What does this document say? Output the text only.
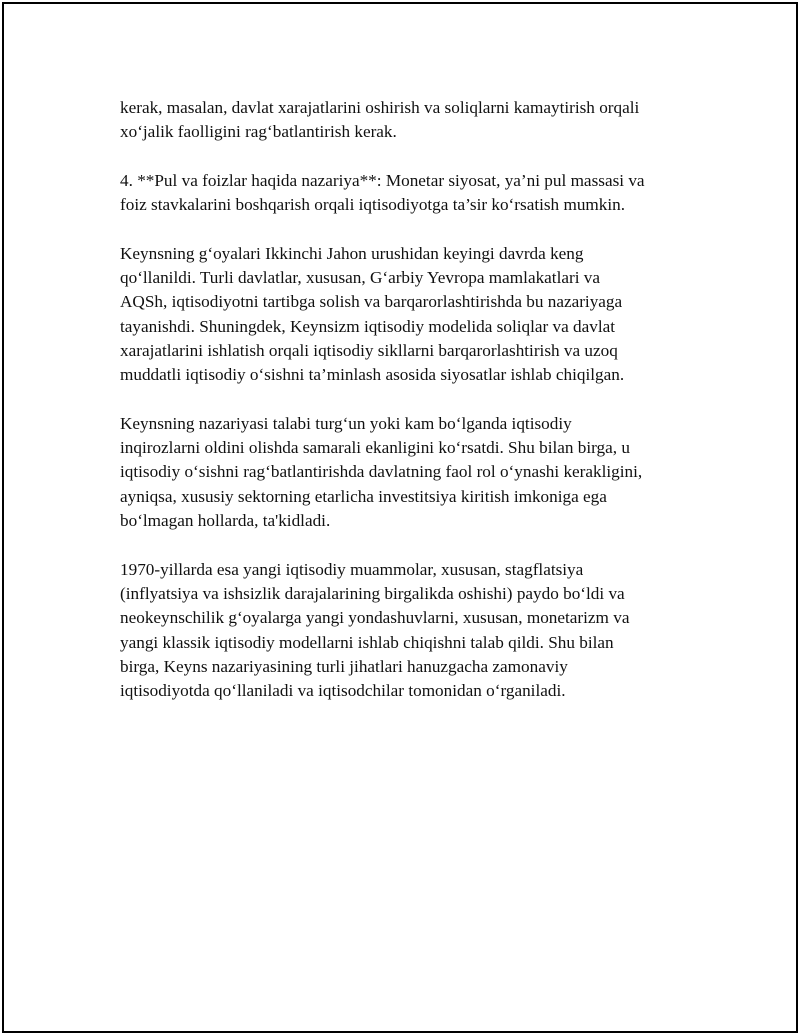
kerak, masalan, davlat xarajatlarini oshirish va soliqlarni kamaytirish orqali
xo‘jalik faolligini rag‘batlantirish kerak.

4. **Pul va foizlar haqida nazariya**: Monetar siyosat, ya’ni pul massasi va
foiz stavkalarini boshqarish orqali iqtisodiyotga ta’sir ko‘rsatish mumkin.

Keynsning g‘oyalari Ikkinchi Jahon urushidan keyingi davrda keng
qo‘llanildi. Turli davlatlar, xususan, G‘arbiy Yevropa mamlakatlari va
AQSh, iqtisodiyotni tartibga solish va barqarorlashtirishda bu nazariyaga
tayanishdi. Shuningdek, Keynsizm iqtisodiy modelida soliqlar va davlat
xarajatlarini ishlatish orqali iqtisodiy sikllarni barqarorlashtirish va uzoq
muddatli iqtisodiy o‘sishni ta’minlash asosida siyosatlar ishlab chiqilgan.

Keynsning nazariyasi talabi turg‘un yoki kam bo‘lganda iqtisodiy
inqirozlarni oldini olishda samarali ekanligini ko‘rsatdi. Shu bilan birga, u
iqtisodiy o‘sishni rag‘batlantirishda davlatning faol rol o‘ynashi kerakligini,
ayniqsa, xususiy sektorning etarlicha investitsiya kiritish imkoniga ega
bo‘lmagan hollarda, ta'kidladi.

1970-yillarda esa yangi iqtisodiy muammolar, xususan, stagflatsiya
(inflyatsiya va ishsizlik darajalarining birgalikda oshishi) paydo bo‘ldi va
neokeynschilik g‘oyalarga yangi yondashuvlarni, xususan, monetarizm va
yangi klassik iqtisodiy modellarni ishlab chiqishni talab qildi. Shu bilan
birga, Keyns nazariyasining turli jihatlari hanuzgacha zamonaviy
iqtisodiyotda qo‘llaniladi va iqtisodchilar tomonidan o‘rganiladi.
